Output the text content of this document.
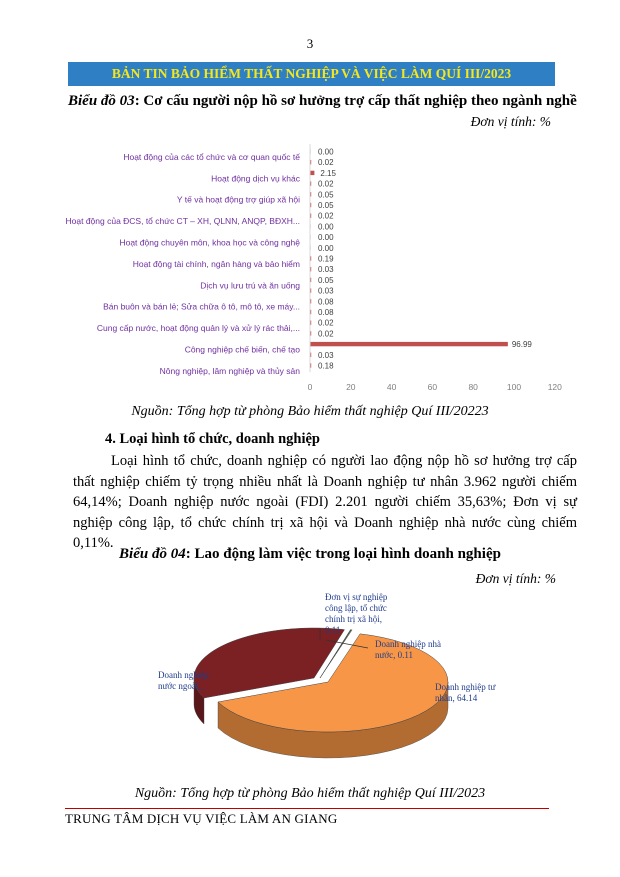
3
BẢN TIN BẢO HIỂM THẤT NGHIỆP VÀ VIỆC LÀM QUÍ III/2023
Biểu đồ 03: Cơ cấu người nộp hồ sơ hưởng trợ cấp thất nghiệp theo ngành nghề
Đơn vị tính: %
Hoạt động của các tổ chức và cơ quan quốc tế
Hoạt động dịch vụ khác
Y tế và hoạt động trợ giúp xã hội
Hoạt động của ĐCS, tổ chức CT – XH, QLNN, ANQP, BĐXH...
Hoạt động chuyên môn, khoa học và công nghệ
Hoạt động tài chính, ngân hàng và bảo hiểm
Dịch vụ lưu trú và ăn uống
Bán buôn và bán lẻ; Sửa chữa ô tô, mô tô, xe máy...
Cung cấp nước, hoạt động quản lý và xử lý rác thải,...
Công nghiệp chế biến, chế tạo
Nông nghiệp, lâm nghiệp và thủy sản
0.00
0.02
2.15
0.02
0.05
0.05
0.02
0.00
0.00
0.00
0.19
0.03
0.05
0.03
0.08
0.08
0.02
0.02
96.99
0.03
0.18
0	20	40	60	80	100	120
Nguồn: Tổng hợp từ phòng Bảo hiểm thất nghiệp Quí III/20223
4. Loại hình tổ chức, doanh nghiệp
Loại hình tổ chức, doanh nghiệp có người lao động nộp hồ sơ hưởng trợ cấp thất nghiệp chiếm tỷ trọng nhiều nhất là Doanh nghiệp tư nhân 3.962 người chiếm 64,14%; Doanh nghiệp nước ngoài (FDI) 2.201 người chiếm 35,63%; Đơn vị sự nghiệp công lập, tổ chức chính trị xã hội và Doanh nghiệp nhà nước cùng chiếm 0,11%.
Biểu đồ 04: Lao động làm việc trong loại hình doanh nghiệp
Đơn vị tính: %
Đơn vị sự nghiệp
công lập, tổ chức
chính trị xã hội,
0.11
Doanh nghiệp nhà
nước, 0.11
Doanh nghiệp
nước ngoài...	Doanh nghiệp tư
nhân, 64.14
Nguồn: Tổng hợp từ phòng Bảo hiểm thất nghiệp Quí III/2023
TRUNG TÂM DỊCH VỤ VIỆC LÀM AN GIANG
